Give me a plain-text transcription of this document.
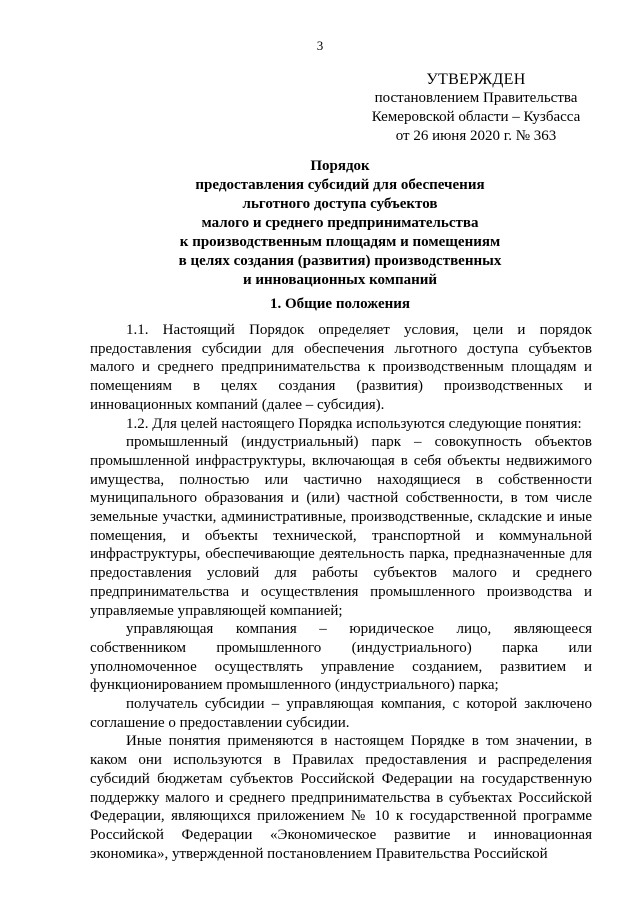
3
УТВЕРЖДЕН
постановлением Правительства
Кемеровской области – Кузбасса
от 26 июня 2020 г. № 363
Порядок
предоставления субсидий для обеспечения
льготного доступа субъектов
малого и среднего предпринимательства
к производственным площадям и помещениям
в целях создания (развития) производственных
и инновационных компаний
1. Общие положения

1.1. Настоящий Порядок определяет условия, цели и порядок предоставления субсидии для обеспечения льготного доступа субъектов малого и среднего предпринимательства к производственным площадям и помещениям в целях создания (развития) производственных и инновационных компаний (далее – субсидия).

1.2. Для целей настоящего Порядка используются следующие понятия:

промышленный (индустриальный) парк – совокупность объектов промышленной инфраструктуры, включающая в себя объекты недвижимого имущества, полностью или частично находящиеся в собственности муниципального образования и (или) частной собственности, в том числе земельные участки, административные, производственные, складские и иные помещения, и объекты технической, транспортной и коммунальной инфраструктуры, обеспечивающие деятельность парка, предназначенные для предоставления условий для работы субъектов малого и среднего предпринимательства и осуществления промышленного производства и управляемые управляющей компанией;

управляющая компания – юридическое лицо, являющееся собственником промышленного (индустриального) парка или уполномоченное осуществлять управление созданием, развитием и функционированием промышленного (индустриального) парка;

получатель субсидии – управляющая компания, с которой заключено соглашение о предоставлении субсидии.

Иные понятия применяются в настоящем Порядке в том значении, в каком они используются в Правилах предоставления и распределения субсидий бюджетам субъектов Российской Федерации на государственную поддержку малого и среднего предпринимательства в субъектах Российской Федерации, являющихся приложением № 10 к государственной программе Российской Федерации «Экономическое развитие и инновационная экономика», утвержденной постановлением Правительства Российской
